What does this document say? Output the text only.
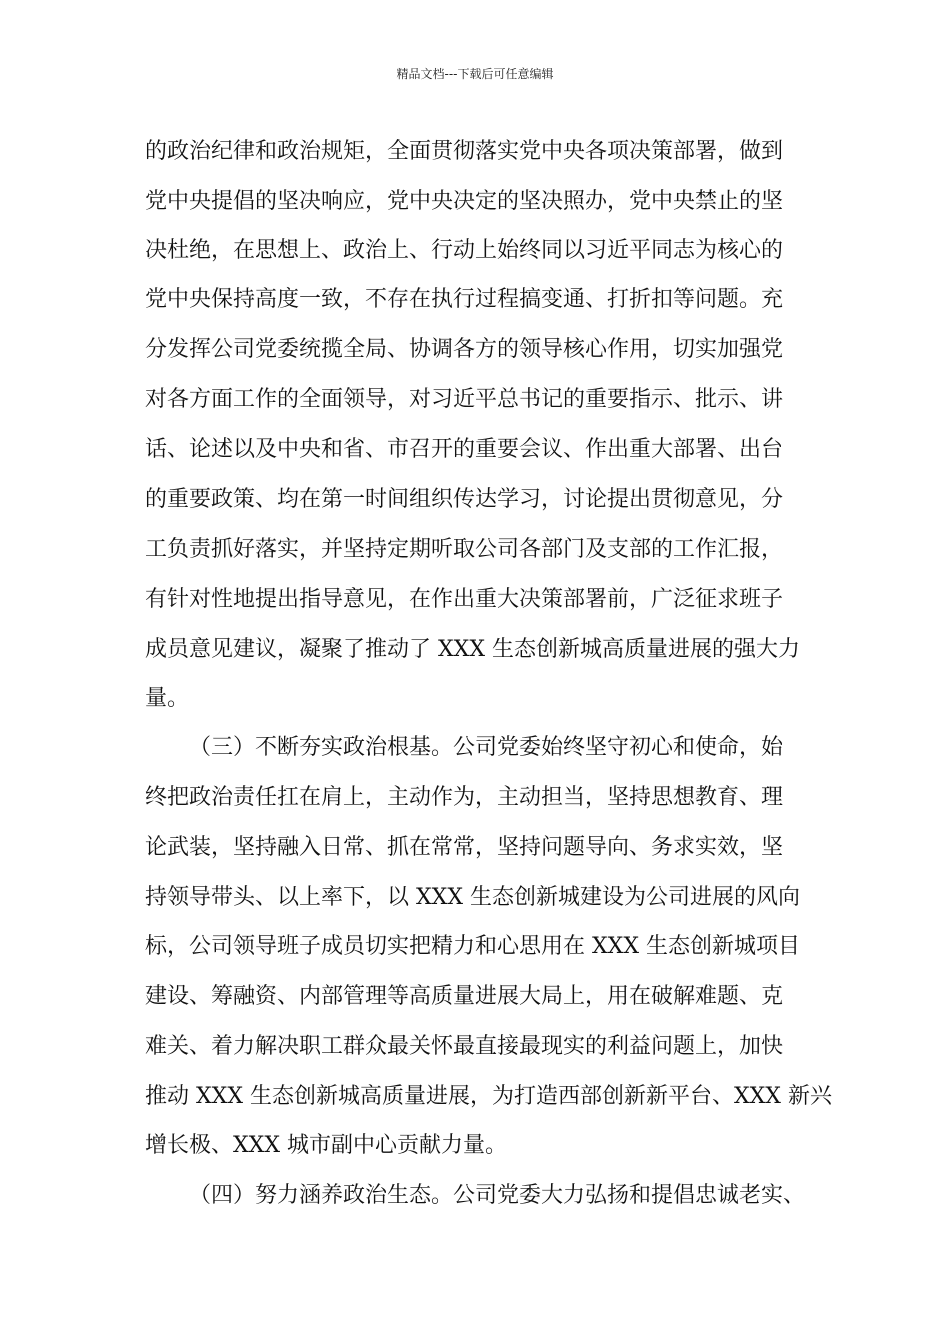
精品文档---下载后可任意编辑
的政治纪律和政治规矩，全面贯彻落实党中央各项决策部署，做到
党中央提倡的坚决响应，党中央决定的坚决照办，党中央禁止的坚
决杜绝，在思想上、政治上、行动上始终同以习近平同志为核心的
党中央保持高度一致，不存在执行过程搞变通、打折扣等问题。充
分发挥公司党委统揽全局、协调各方的领导核心作用，切实加强党
对各方面工作的全面领导，对习近平总书记的重要指示、批示、讲
话、论述以及中央和省、市召开的重要会议、作出重大部署、出台
的重要政策、均在第一时间组织传达学习，讨论提出贯彻意见，分
工负责抓好落实，并坚持定期听取公司各部门及支部的工作汇报，
有针对性地提出指导意见，在作出重大决策部署前，广泛征求班子
成员意见建议，凝聚了推动了 XXX 生态创新城高质量进展的强大力
量。
（三）不断夯实政治根基。公司党委始终坚守初心和使命，始
终把政治责任扛在肩上，主动作为，主动担当，坚持思想教育、理
论武装，坚持融入日常、抓在常常，坚持问题导向、务求实效，坚
持领导带头、以上率下，以 XXX 生态创新城建设为公司进展的风向
标，公司领导班子成员切实把精力和心思用在 XXX 生态创新城项目
建设、筹融资、内部管理等高质量进展大局上，用在破解难题、克
难关、着力解决职工群众最关怀最直接最现实的利益问题上，加快
推动 XXX 生态创新城高质量进展，为打造西部创新新平台、XXX 新兴
增长极、XXX 城市副中心贡献力量。
（四）努力涵养政治生态。公司党委大力弘扬和提倡忠诚老实、
